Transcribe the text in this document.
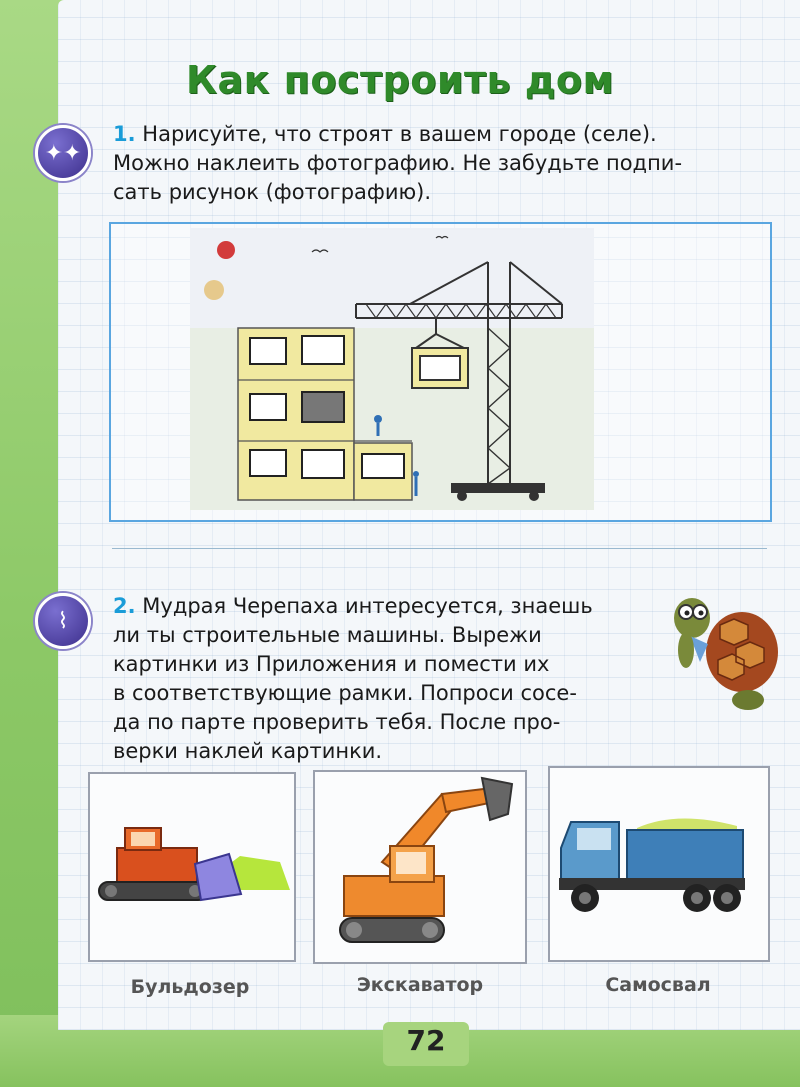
Как построить дом
✦✦

1. Нарисуйте, что строят в вашем городе (селе).

Можно наклеить фотографию. Не забудьте подпи-

сать рисунок (фотографию).

⌇

2. Мудрая Черепаха интересуется, знаешь

ли ты строительные машины. Вырежи

картинки из Приложения и помести их

в соответствующие рамки. Попроси сосе-

да по парте проверить тебя. После про-

верки наклей картинки.

Бульдозер	Экскаватор	Самосвал
72
